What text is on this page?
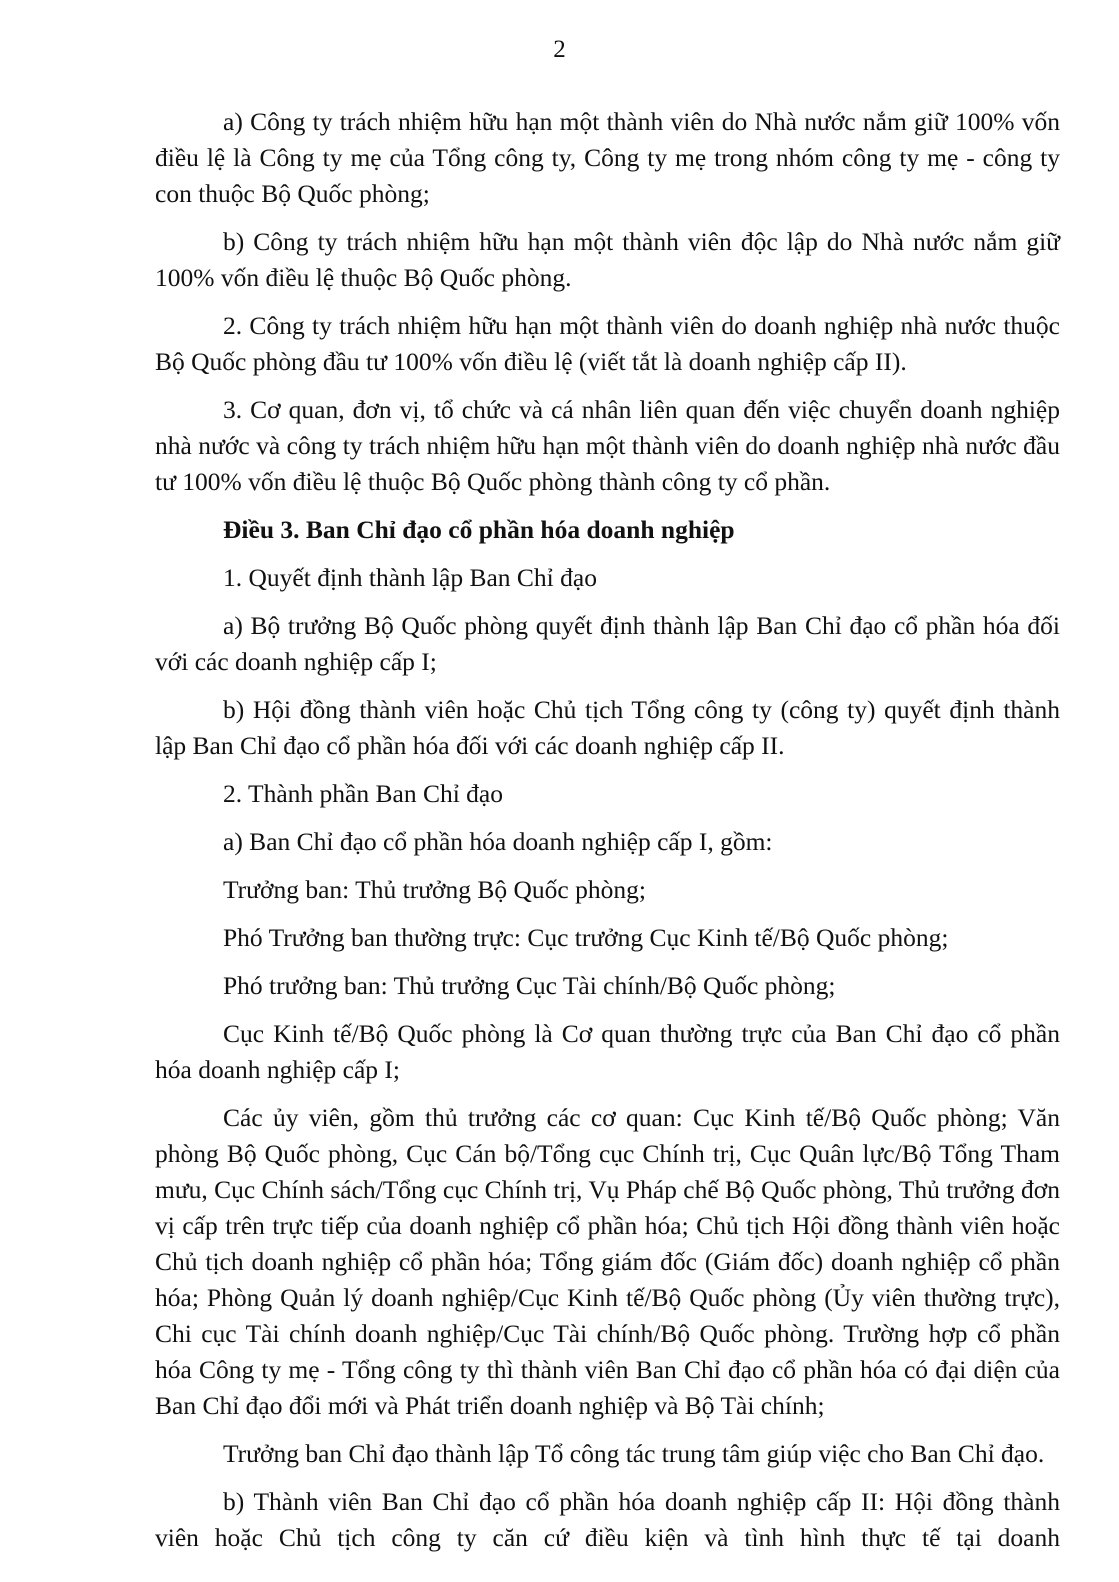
2

a) Công ty trách nhiệm hữu hạn một thành viên do Nhà nước nắm giữ 100% vốn điều lệ là Công ty mẹ của Tổng công ty, Công ty mẹ trong nhóm công ty mẹ - công ty con thuộc Bộ Quốc phòng;

b) Công ty trách nhiệm hữu hạn một thành viên độc lập do Nhà nước nắm giữ 100% vốn điều lệ thuộc Bộ Quốc phòng.

2. Công ty trách nhiệm hữu hạn một thành viên do doanh nghiệp nhà nước thuộc Bộ Quốc phòng đầu tư 100% vốn điều lệ (viết tắt là doanh nghiệp cấp II).

3. Cơ quan, đơn vị, tổ chức và cá nhân liên quan đến việc chuyển doanh nghiệp nhà nước và công ty trách nhiệm hữu hạn một thành viên do doanh nghiệp nhà nước đầu tư 100% vốn điều lệ thuộc Bộ Quốc phòng thành công ty cổ phần.

Điều 3. Ban Chỉ đạo cổ phần hóa doanh nghiệp

1. Quyết định thành lập Ban Chỉ đạo

a) Bộ trưởng Bộ Quốc phòng quyết định thành lập Ban Chỉ đạo cổ phần hóa đối với các doanh nghiệp cấp I;

b) Hội đồng thành viên hoặc Chủ tịch Tổng công ty (công ty) quyết định thành lập Ban Chỉ đạo cổ phần hóa đối với các doanh nghiệp cấp II.

2. Thành phần Ban Chỉ đạo

a) Ban Chỉ đạo cổ phần hóa doanh nghiệp cấp I, gồm:

Trưởng ban: Thủ trưởng Bộ Quốc phòng;

Phó Trưởng ban thường trực: Cục trưởng Cục Kinh tế/Bộ Quốc phòng;

Phó trưởng ban: Thủ trưởng Cục Tài chính/Bộ Quốc phòng;

Cục Kinh tế/Bộ Quốc phòng là Cơ quan thường trực của Ban Chỉ đạo cổ phần hóa doanh nghiệp cấp I;

Các ủy viên, gồm thủ trưởng các cơ quan: Cục Kinh tế/Bộ Quốc phòng; Văn phòng Bộ Quốc phòng, Cục Cán bộ/Tổng cục Chính trị, Cục Quân lực/Bộ Tổng Tham mưu, Cục Chính sách/Tổng cục Chính trị, Vụ Pháp chế Bộ Quốc phòng, Thủ trưởng đơn vị cấp trên trực tiếp của doanh nghiệp cổ phần hóa; Chủ tịch Hội đồng thành viên hoặc Chủ tịch doanh nghiệp cổ phần hóa; Tổng giám đốc (Giám đốc) doanh nghiệp cổ phần hóa; Phòng Quản lý doanh nghiệp/Cục Kinh tế/Bộ Quốc phòng (Ủy viên thường trực), Chi cục Tài chính doanh nghiệp/Cục Tài chính/Bộ Quốc phòng. Trường hợp cổ phần hóa Công ty mẹ - Tổng công ty thì thành viên Ban Chỉ đạo cổ phần hóa có đại diện của Ban Chỉ đạo đổi mới và Phát triển doanh nghiệp và Bộ Tài chính;

Trưởng ban Chỉ đạo thành lập Tổ công tác trung tâm giúp việc cho Ban Chỉ đạo.

b) Thành viên Ban Chỉ đạo cổ phần hóa doanh nghiệp cấp II: Hội đồng thành viên hoặc Chủ tịch công ty căn cứ điều kiện và tình hình thực tế tại doanh
